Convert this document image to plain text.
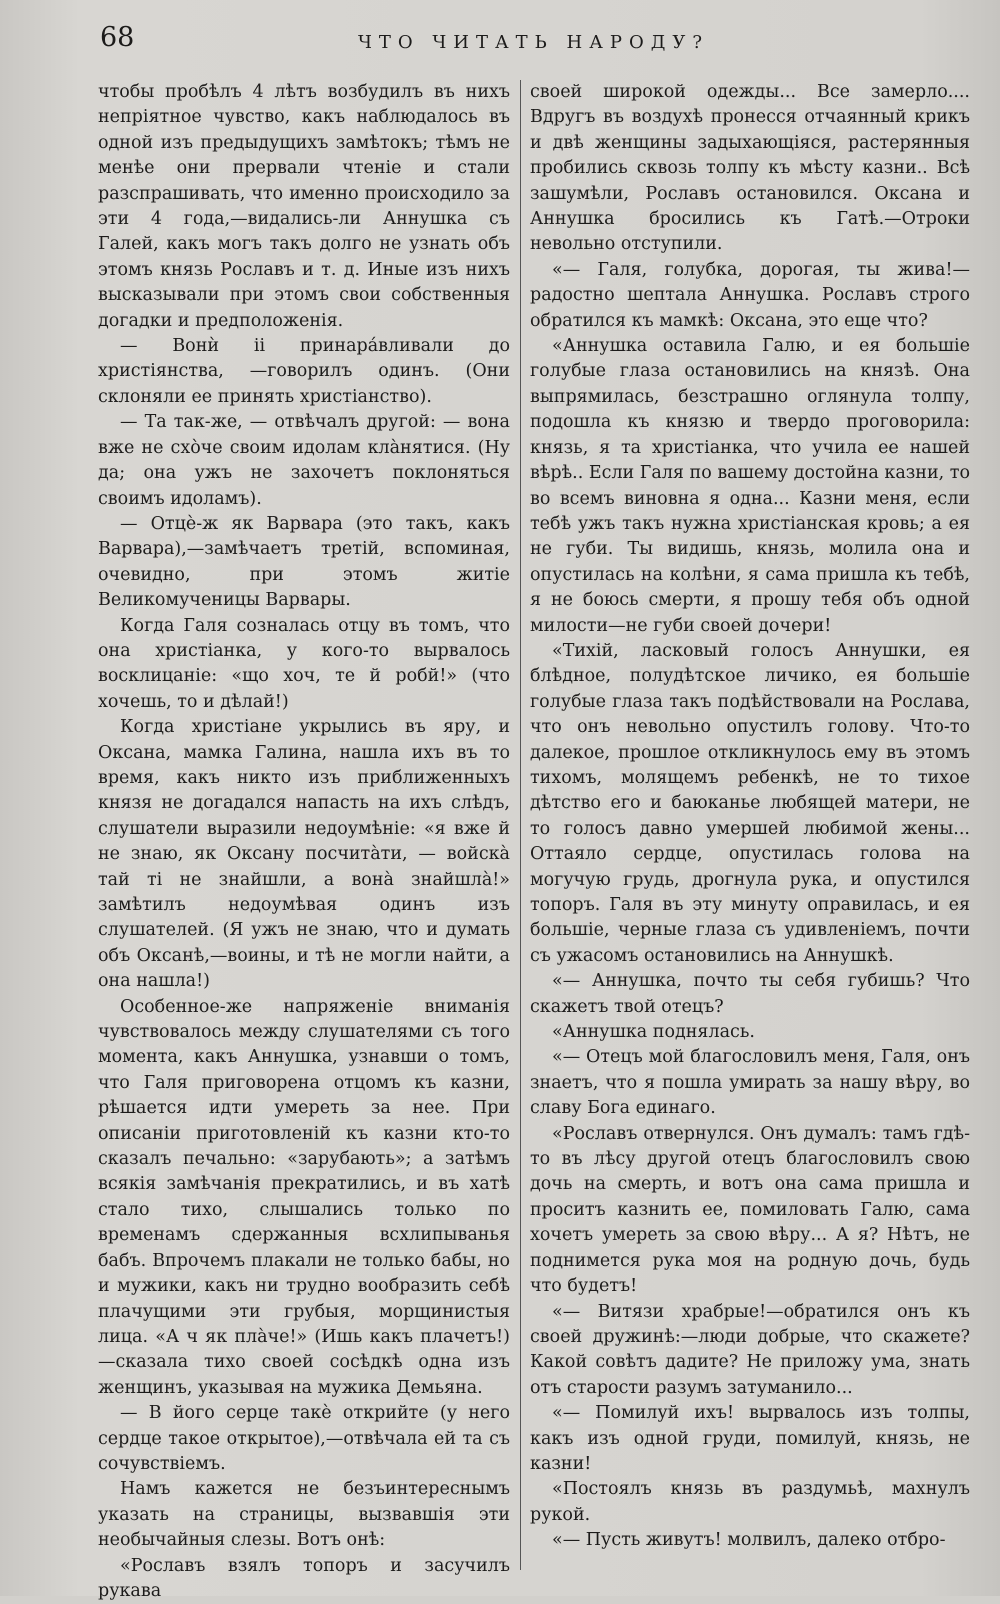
68	ЧТО ЧИТАТЬ НАРОДУ?

чтобы пробѣлъ 4 лѣтъ возбудилъ въ нихъ непріятное чувство, какъ наблюдалось въ одной изъ предыдущихъ замѣтокъ; тѣмъ не менѣе они прервали чтеніе и стали разспрашивать, что именно происходило за эти 4 года,—видались-ли Аннушка съ Галей, какъ могъ такъ долго не узнать объ этомъ князь Рославъ и т. д. Иные изъ нихъ высказывали при этомъ свои собственныя догадки и предположенія.

— Вонѝ іі принарáвливали до христіянства, —говорилъ одинъ. (Они склоняли ее принять христіанство).

— Та так-же, — отвѣчалъ другой: — вона вже не схòче своим идолам клàнятися. (Ну да; она ужъ не захочетъ поклоняться своимъ идоламъ).

— Отцè-ж як Варвара (это такъ, какъ Варвара),—замѣчаетъ третій, вспоминая, очевидно, при этомъ житіе Великомученицы Варвары.

Когда Галя созналась отцу въ томъ, что она христіанка, у кого-то вырвалось восклицаніе: «що хоч, те й робй!» (что хочешь, то и дѣлай!)

Когда христіане укрылись въ яру, и Оксана, мамка Галина, нашла ихъ въ то время, какъ никто изъ приближенныхъ князя не догадался напасть на ихъ слѣдъ, слушатели выразили недоумѣніе: «я вже й не знаю, як Оксану посчитàти, — войскà тай ті не знайшли, а вонà знайшлà!» замѣтилъ недоумѣвая одинъ изъ слушателей. (Я ужъ не знаю, что и думать объ Оксанѣ,—воины, и тѣ не могли найти, а она нашла!)

Особенное-же напряженіе вниманія чувствовалось между слушателями съ того момента, какъ Аннушка, узнавши о томъ, что Галя приговорена отцомъ къ казни, рѣшается идти умереть за нее. При описаніи приготовленій къ казни кто-то сказалъ печально: «зарубають»; а затѣмъ всякія замѣчанія прекратились, и въ хатѣ стало тихо, слышались только по временамъ сдержанныя всхлипыванья бабъ. Впрочемъ плакали не только бабы, но и мужики, какъ ни трудно вообразить себѣ плачущими эти грубыя, морщинистыя лица. «А ч як плàче!» (Ишь какъ плачетъ!)—сказала тихо своей сосѣдкѣ одна изъ женщинъ, указывая на мужика Демьяна.

— В його серце такè открийте (у него сердце такое открытое),—отвѣчала ей та съ сочувствіемъ.

Намъ кажется не безъинтереснымъ указать на страницы, вызвавшія эти необычайныя слезы. Вотъ онѣ:

«Рославъ взялъ топоръ и засучилъ рукава

своей широкой одежды... Все замерло.... Вдругъ въ воздухѣ пронесся отчаянный крикъ и двѣ женщины задыхающіяся, растерянныя пробились сквозь толпу къ мѣсту казни.. Всѣ зашумѣли, Рославъ остановился. Оксана и Аннушка бросились къ Гатѣ.—Отроки невольно отступили.

«— Галя, голубка, дорогая, ты жива!—радостно шептала Аннушка. Рославъ строго обратился къ мамкѣ: Оксана, это еще что?

«Аннушка оставила Галю, и ея большіе голубые глаза остановились на князѣ. Она выпрямилась, безстрашно оглянула толпу, подошла къ князю и твердо проговорила: князь, я та христіанка, что учила ее нашей вѣрѣ.. Если Галя по вашему достойна казни, то во всемъ виновна я одна... Казни меня, если тебѣ ужъ такъ нужна христіанская кровь; а ея не губи. Ты видишь, князь, молила она и опустилась на колѣни, я сама пришла къ тебѣ, я не боюсь смерти, я прошу тебя объ одной милости—не губи своей дочери!

«Тихій, ласковый голосъ Аннушки, ея блѣдное, полудѣтское личико, ея большіе голубые глаза такъ подѣйствовали на Рослава, что онъ невольно опустилъ голову. Что-то далекое, прошлое откликнулось ему въ этомъ тихомъ, молящемъ ребенкѣ, не то тихое дѣтство его и баюканье любящей матери, не то голосъ давно умершей любимой жены... Оттаяло сердце, опустилась голова на могучую грудь, дрогнула рука, и опустился топоръ. Галя въ эту минуту оправилась, и ея большіе, черные глаза съ удивленіемъ, почти съ ужасомъ остановились на Аннушкѣ.

«— Аннушка, почто ты себя губишь? Что скажетъ твой отецъ?

«Аннушка поднялась.

«— Отецъ мой благословилъ меня, Галя, онъ знаетъ, что я пошла умирать за нашу вѣру, во славу Бога единаго.

«Рославъ отвернулся. Онъ думалъ: тамъ гдѣ-то въ лѣсу другой отецъ благословилъ свою дочь на смерть, и вотъ она сама пришла и проситъ казнить ее, помиловать Галю, сама хочетъ умереть за свою вѣру... А я? Нѣтъ, не поднимется рука моя на родную дочь, будь что будетъ!

«— Витязи храбрые!—обратился онъ къ своей дружинѣ:—люди добрые, что скажете? Какой совѣтъ дадите? Не приложу ума, знать отъ старости разумъ затуманило...

«— Помилуй ихъ! вырвалось изъ толпы, какъ изъ одной груди, помилуй, князь, не казни!

«Постоялъ князь въ раздумьѣ, махнулъ рукой.

«— Пусть живутъ! молвилъ, далеко отбро-
